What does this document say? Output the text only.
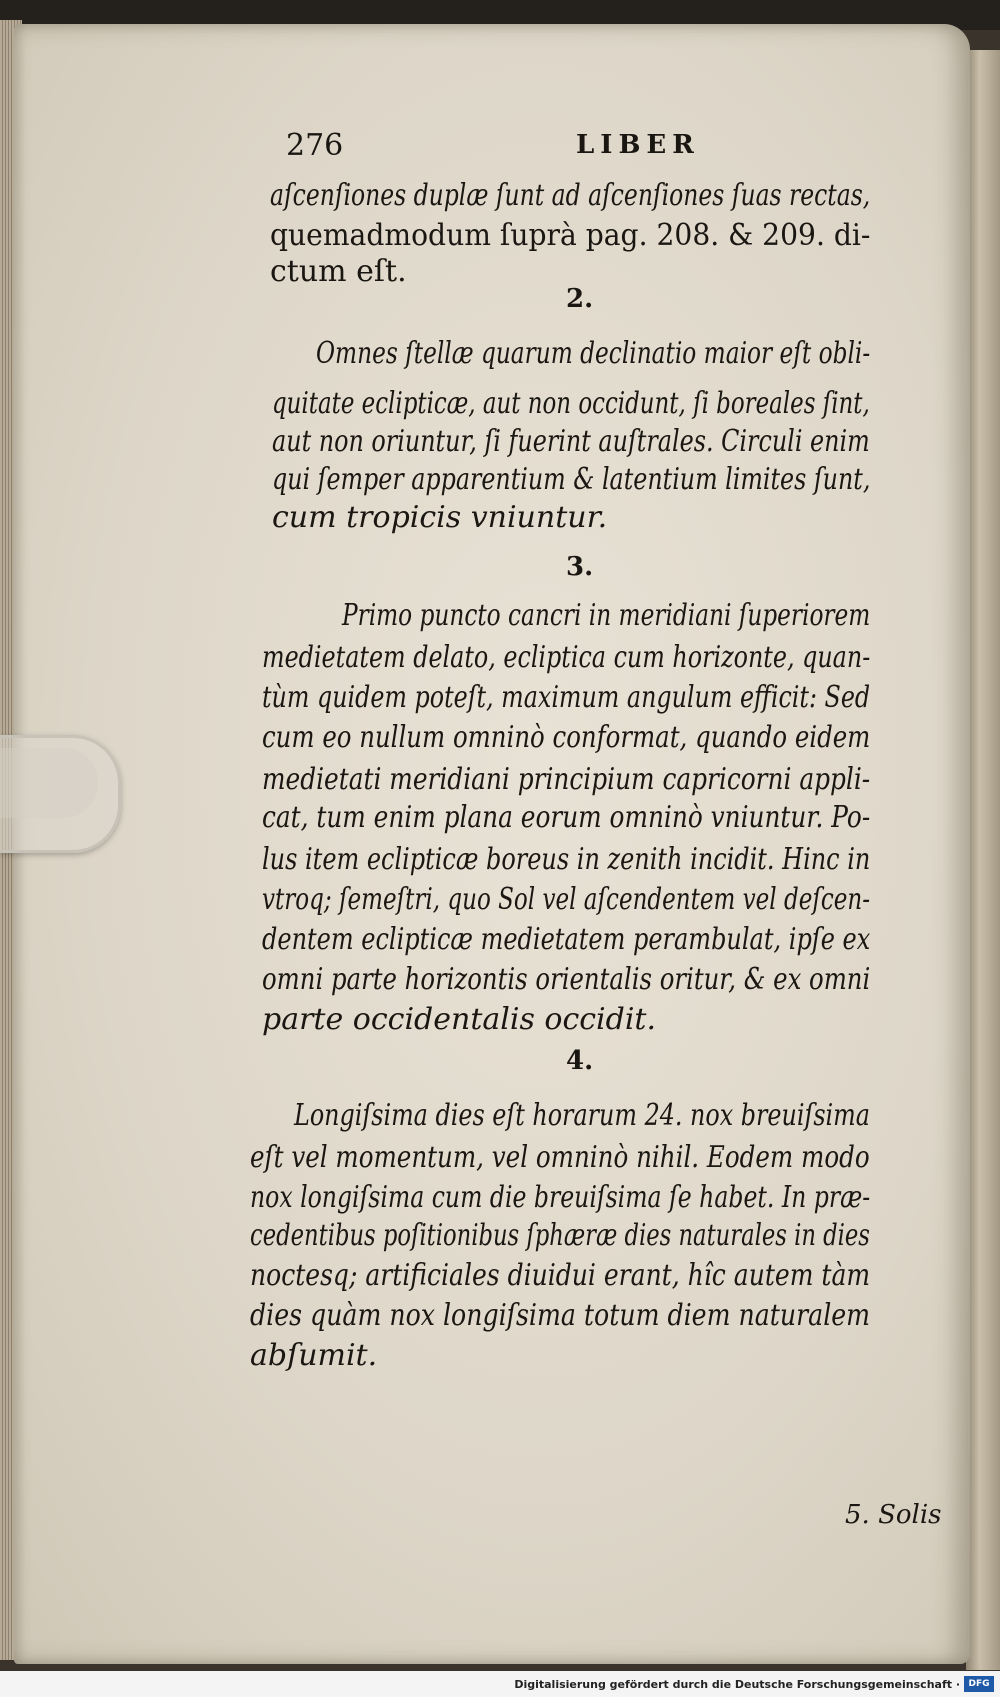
276	LIBER
aſcenſiones duplæ ſunt ad aſcenſiones ſuas rectas,
quemadmodum ſuprà pag. 208. & 209. di-
ctum eſt.
2.
Omnes ſtellæ quarum declinatio maior eſt obli-
quitate eclipticæ, aut non occidunt, ſi boreales ſint,
aut non oriuntur, ſi fuerint auſtrales. Circuli enim
qui ſemper apparentium & latentium limites ſunt,
cum tropicis vniuntur.
3.
Primo puncto cancri in meridiani ſuperiorem
medietatem delato, ecliptica cum horizonte, quan-
tùm quidem poteſt, maximum angulum efficit: Sed
cum eo nullum omninò conformat, quando eidem
medietati meridiani principium capricorni appli-
cat, tum enim plana eorum omninò vniuntur. Po-
lus item eclipticæ boreus in zenith incidit. Hinc in
vtroq; ſemeſtri, quo Sol vel aſcendentem vel deſcen-
dentem eclipticæ medietatem perambulat, ipſe ex
omni parte horizontis orientalis oritur, & ex omni
parte occidentalis occidit.
4.
Longiſsima dies eſt horarum 24. nox breuiſsima
eſt vel momentum, vel omninò nihil. Eodem modo
nox longiſsima cum die breuiſsima ſe habet. In præ-
cedentibus poſitionibus ſphæræ dies naturales in dies
noctesq; artificiales diuidui erant, hîc autem tàm
dies quàm nox longiſsima totum diem naturalem
abſumit.
5. Solis
Digitalisierung gefördert durch die Deutsche Forschungsgemeinschaft · DFG
